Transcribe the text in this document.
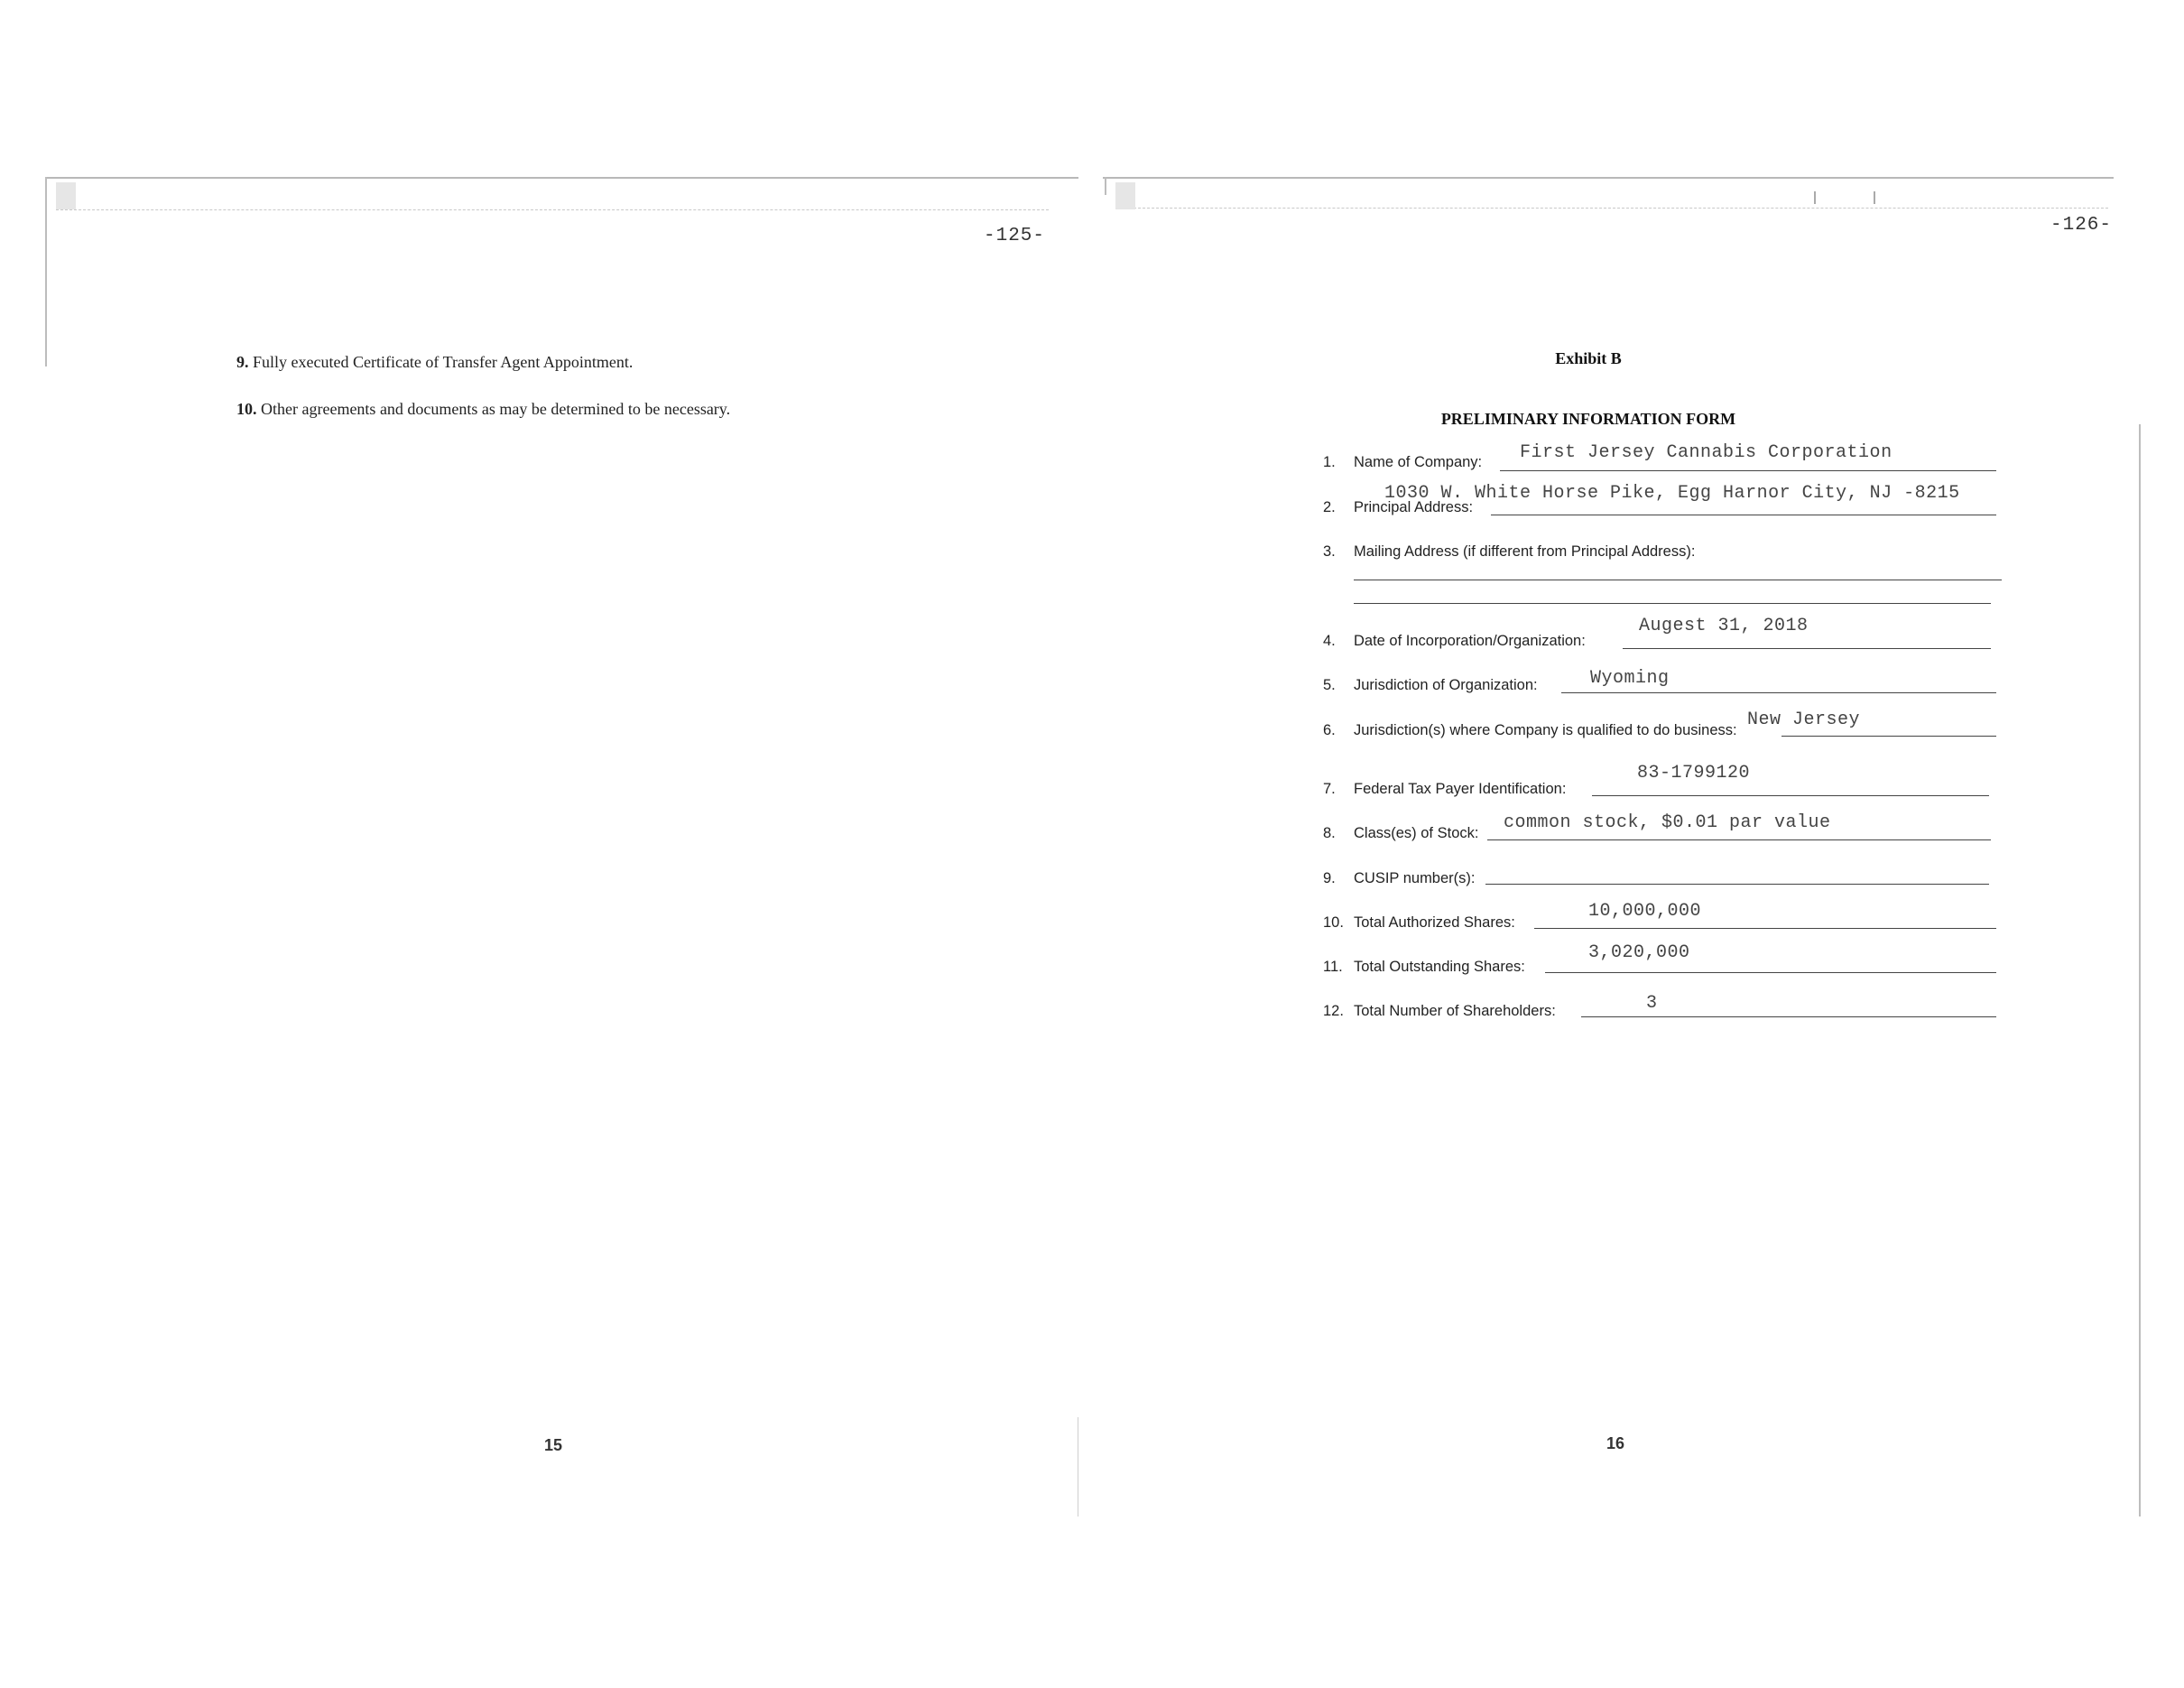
-125-
9. Fully executed Certificate of Transfer Agent Appointment.
10. Other agreements and documents as may be determined to be necessary.
15
-126-
Exhibit B
PRELIMINARY INFORMATION FORM
1.	Name of Company: First Jersey Cannabis Corporation
2.	Principal Address:
1030 W. White Horse Pike, Egg Harnor City, NJ -8215
3.	Mailing Address (if different from Principal Address):
4.	Date of Incorporation/Organization:
Augest 31, 2018
5.	Jurisdiction of Organization:	Wyoming
6.	Jurisdiction(s) where Company is qualified to do business: New Jersey
7.	Federal Tax Payer Identification:
83-1799120
8.	Class(es) of Stock: common stock, $0.01 par value
9.	CUSIP number(s):
10. Total Authorized Shares:
10,000,000
11. Total Outstanding Shares:
3,020,000
12. Total Number of Shareholders:	3
16
